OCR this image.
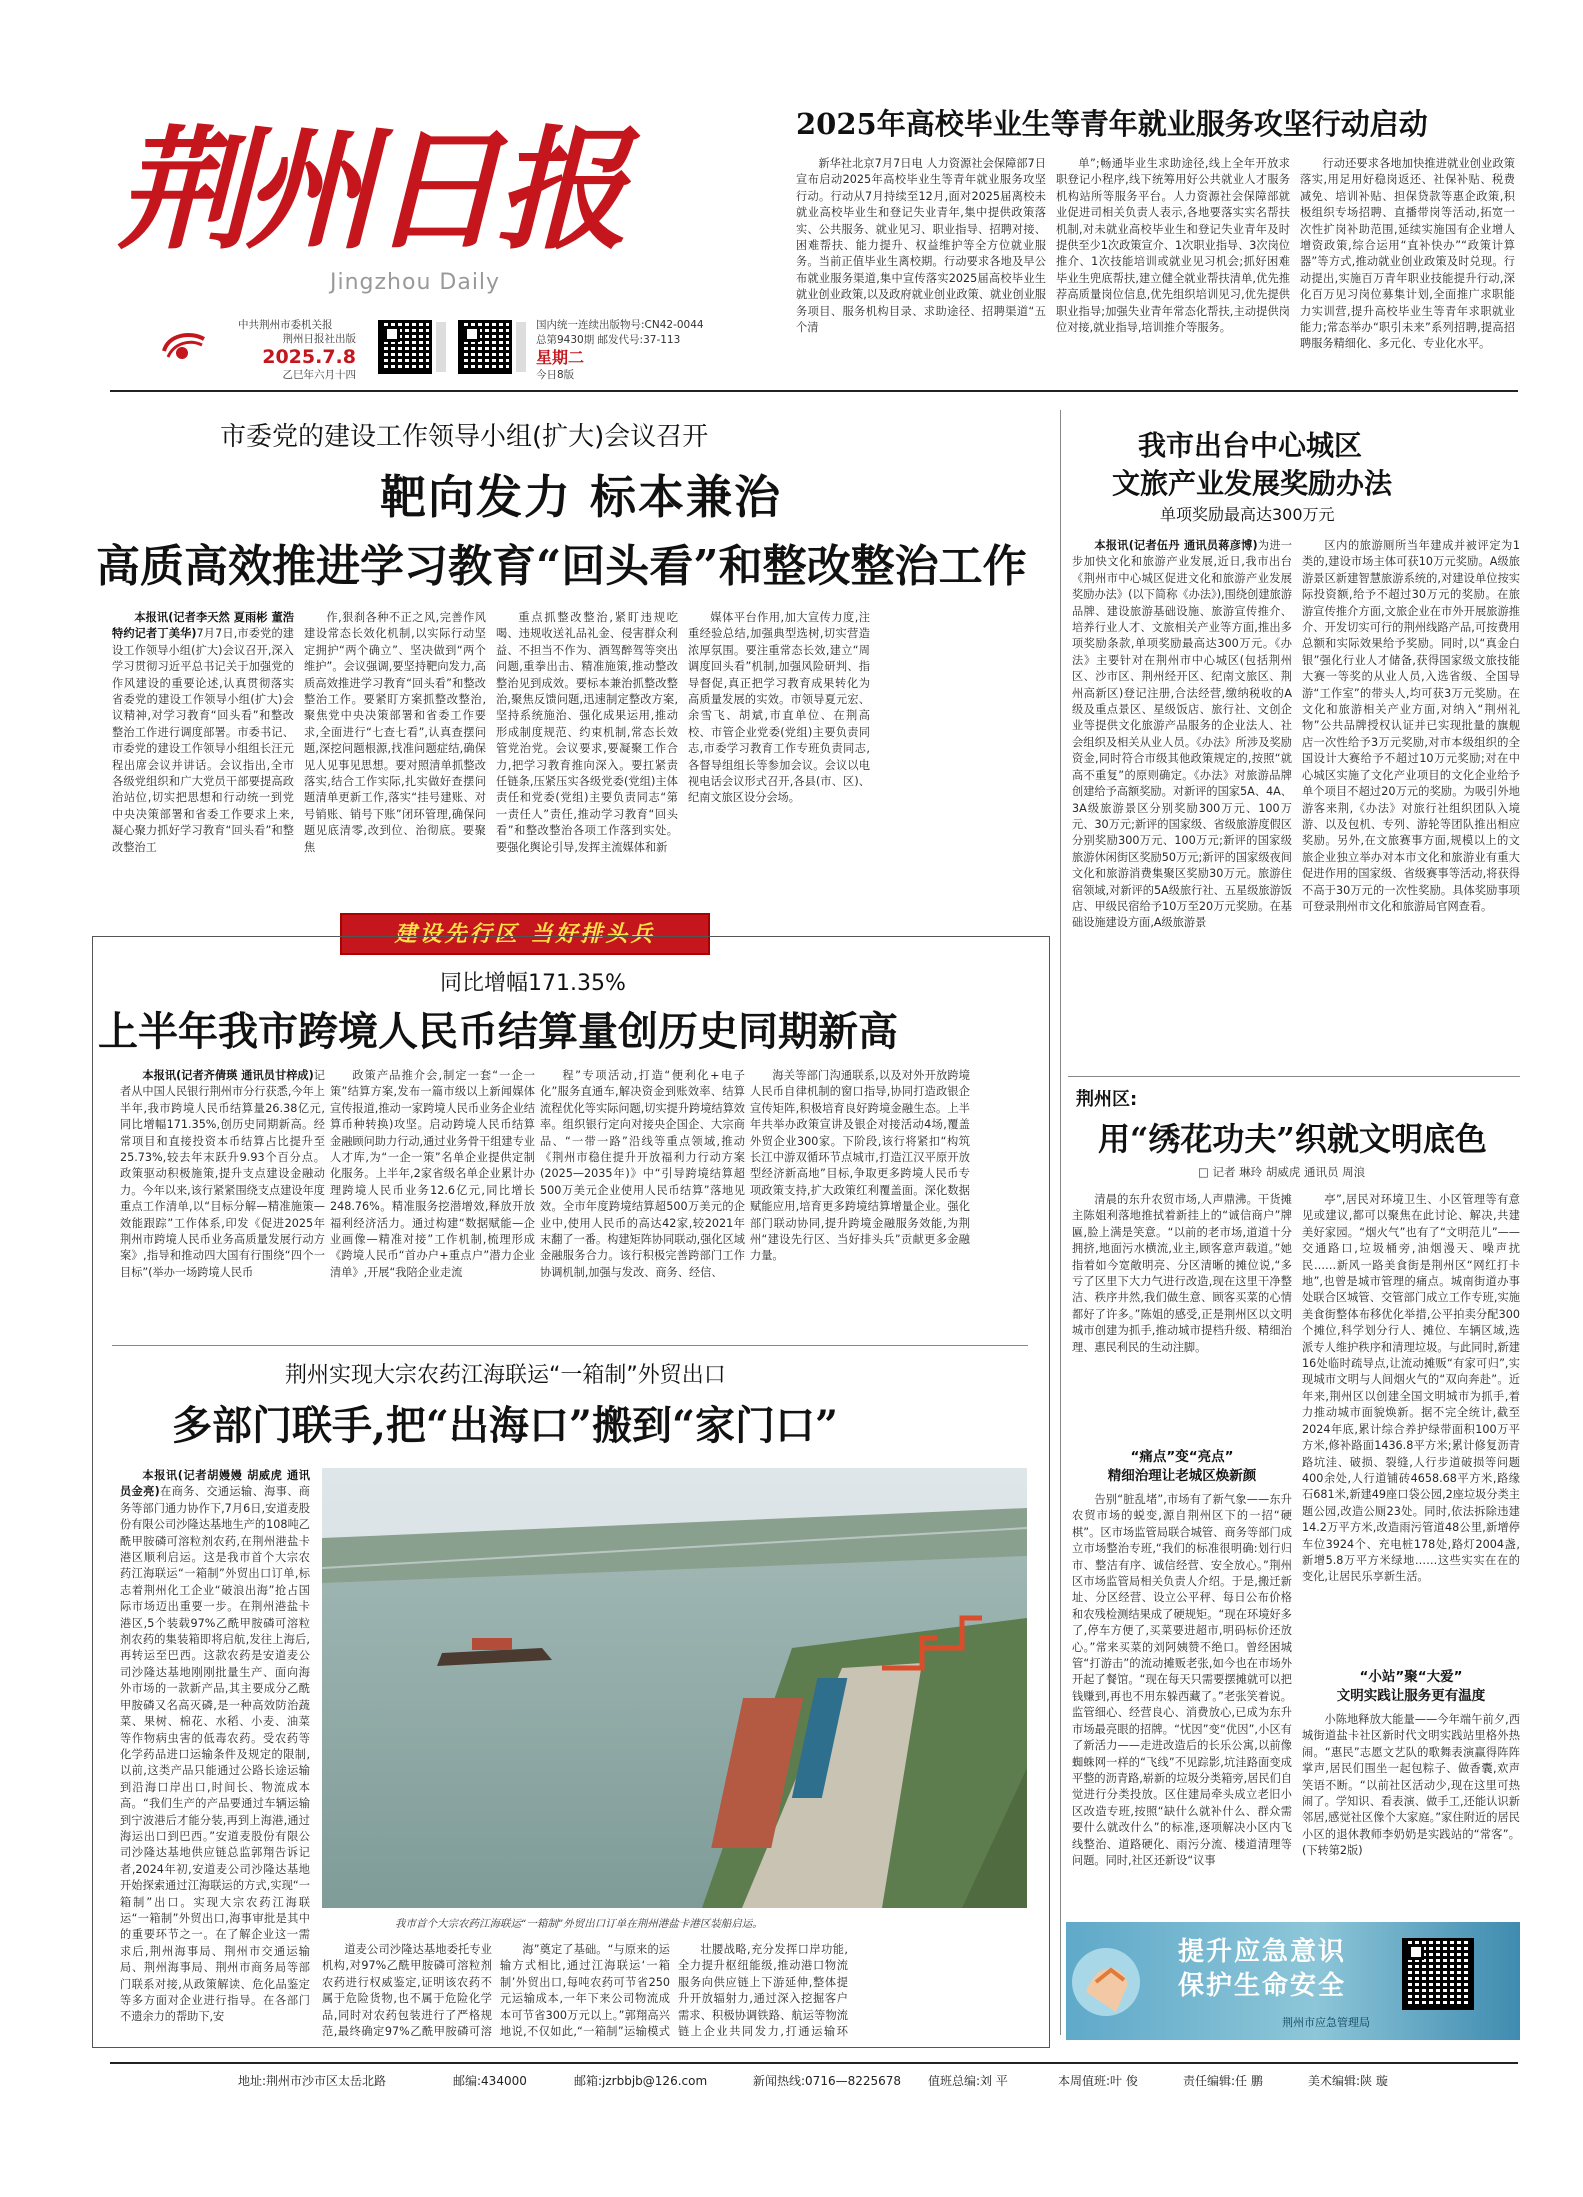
荆州日报
Jingzhou Daily
中共荆州市委机关报
荆州日报社出版
2025.7.8
乙巳年六月十四
国内统一连续出版物号:CN42-0044
总第9430期 邮发代号:37-113
星期二
今日8版
2025年高校毕业生等青年就业服务攻坚行动启动

新华社北京7月7日电 人力资源社会保障部7日宣布启动2025年高校毕业生等青年就业服务攻坚行动。行动从7月持续至12月,面对2025届离校未就业高校毕业生和登记失业青年,集中提供政策落实、公共服务、就业见习、职业指导、招聘对接、困难帮扶、能力提升、权益维护等全方位就业服务。当前正值毕业生离校期。行动要求各地及早公布就业服务渠道,集中宣传落实2025届高校毕业生就业创业政策,以及政府就业创业政策、就业创业服务项目、服务机构目录、求助途径、招聘渠道“五个清

单”;畅通毕业生求助途径,线上全年开放求职登记小程序,线下统筹用好公共就业人才服务机构站所等服务平台。人力资源社会保障部就业促进司相关负责人表示,各地要落实实名帮扶机制,对未就业高校毕业生和登记失业青年及时提供至少1次政策宣介、1次职业指导、3次岗位推介、1次技能培训或就业见习机会;抓好困难毕业生兜底帮扶,建立健全就业帮扶清单,优先推荐高质量岗位信息,优先组织培训见习,优先提供职业指导;加强失业青年常态化帮扶,主动提供岗位对接,就业指导,培训推介等服务。

行动还要求各地加快推进就业创业政策落实,用足用好稳岗返还、社保补贴、税费减免、培训补贴、担保贷款等惠企政策,积极组织专场招聘、直播带岗等活动,拓宽一次性扩岗补助范围,延续实施国有企业增人增资政策,综合运用“直补快办”“政策计算器”等方式,推动就业创业政策及时兑现。行动提出,实施百万青年职业技能提升行动,深化百万见习岗位募集计划,全面推广求职能力实训营,提升高校毕业生等青年求职就业能力;常态举办“职引未来”系列招聘,提高招聘服务精细化、多元化、专业化水平。

市委党的建设工作领导小组(扩大)会议召开
靶向发力 标本兼治
高质高效推进学习教育“回头看”和整改整治工作

本报讯(记者李天然 夏雨彬 董浩 特约记者丁美华)7月7日,市委党的建设工作领导小组(扩大)会议召开,深入学习贯彻习近平总书记关于加强党的作风建设的重要论述,认真贯彻落实省委党的建设工作领导小组(扩大)会议精神,对学习教育“回头看”和整改整治工作进行调度部署。市委书记、市委党的建设工作领导小组组长汪元程出席会议并讲话。会议指出,全市各级党组织和广大党员干部要提高政治站位,切实把思想和行动统一到党中央决策部署和省委工作要求上来,凝心聚力抓好学习教育“回头看”和整改整治工

作,狠刹各种不正之风,完善作风建设常态长效化机制,以实际行动坚定拥护“两个确立”、坚决做到“两个维护”。会议强调,要坚持靶向发力,高质高效推进学习教育“回头看”和整改整治工作。要紧盯方案抓整改整治,聚焦党中央决策部署和省委工作要求,全面进行“七查七看”,认真查摆问题,深挖问题根源,找准问题症结,确保见人见事见思想。要对照清单抓整改落实,结合工作实际,扎实做好查摆问题清单更新工作,落实“挂号建账、对号销账、销号下账”闭环管理,确保问题见底清零,改到位、治彻底。要聚焦

重点抓整改整治,紧盯违规吃喝、违规收送礼品礼金、侵害群众利益、不担当不作为、酒驾醉驾等突出问题,重拳出击、精准施策,推动整改整治见到成效。要标本兼治抓整改整治,聚焦反馈问题,迅速制定整改方案,坚持系统施治、强化成果运用,推动形成制度规范、约束机制,常态长效管党治党。会议要求,要凝聚工作合力,把学习教育推向深入。要扛紧责任链条,压紧压实各级党委(党组)主体责任和党委(党组)主要负责同志“第一责任人”责任,推动学习教育“回头看”和整改整治各项工作落到实处。要强化舆论引导,发挥主流媒体和新

媒体平台作用,加大宣传力度,注重经验总结,加强典型选树,切实营造浓厚氛围。要注重常态长效,建立“周调度回头看”机制,加强风险研判、指导督促,真正把学习教育成果转化为高质量发展的实效。市领导夏元宏、余雪飞、胡斌,市直单位、在荆高校、市管企业党委(党组)主要负责同志,市委学习教育工作专班负责同志,各督导组组长等参加会议。会议以电视电话会议形式召开,各县(市、区)、纪南文旅区设分会场。

我市出台中心城区
文旅产业发展奖励办法
单项奖励最高达300万元

本报讯(记者伍丹 通讯员蒋彦博)为进一步加快文化和旅游产业发展,近日,我市出台《荆州市中心城区促进文化和旅游产业发展奖励办法》(以下简称《办法》),围绕创建旅游品牌、建设旅游基础设施、旅游宣传推介、培养行业人才、文旅相关产业等方面,推出多项奖励条款,单项奖励最高达300万元。《办法》主要针对在荆州市中心城区(包括荆州区、沙市区、荆州经开区、纪南文旅区、荆州高新区)登记注册,合法经营,缴纳税收的A级及重点景区、星级饭店、旅行社、文创企业等提供文化旅游产品服务的企业法人、社会组织及相关从业人员。《办法》所涉及奖励资金,同时符合市级其他政策规定的,按照“就高不重复”的原则确定。《办法》对旅游品牌创建给予高额奖励。对新评的国家5A、4A、3A级旅游景区分别奖励300万元、100万元、30万元;新评的国家级、省级旅游度假区分别奖励300万元、100万元;新评的国家级旅游休闲街区奖励50万元;新评的国家级夜间文化和旅游消费集聚区奖励30万元。旅游住宿领域,对新评的5A级旅行社、五星级旅游饭店、甲级民宿给予10万至20万元奖励。在基础设施建设方面,A级旅游景

区内的旅游厕所当年建成并被评定为1类的,建设市场主体可获10万元奖励。A级旅游景区新建智慧旅游系统的,对建设单位按实际投资额,给予不超过30万元的奖励。在旅游宣传推介方面,文旅企业在市外开展旅游推介、开发切实可行的荆州线路产品,可按费用总额和实际效果给予奖励。同时,以“真金白银”强化行业人才储备,获得国家级文旅技能大赛一等奖的从业人员,入选省级、全国导游“工作室”的带头人,均可获3万元奖励。在文化和旅游相关产业方面,对纳入“荆州礼物”公共品牌授权认证并已实现批量的旗舰店一次性给予3万元奖励,对市本级组织的全国设计大赛给予不超过10万元奖励;对在中心城区实施了文化产业项目的文化企业给予单个项目不超过20万元的奖励。为吸引外地游客来荆,《办法》对旅行社组织团队入境游、以及包机、专列、游轮等团队推出相应奖励。另外,在文旅赛事方面,规模以上的文旅企业独立举办对本市文化和旅游业有重大促进作用的国家级、省级赛事等活动,将获得不高于30万元的一次性奖励。具体奖励事项可登录荆州市文化和旅游局官网查看。

建设先行区 当好排头兵
同比增幅171.35%
上半年我市跨境人民币结算量创历史同期新高

本报讯(记者齐倩瑛 通讯员甘梓成)记者从中国人民银行荆州市分行获悉,今年上半年,我市跨境人民币结算量26.38亿元,同比增幅171.35%,创历史同期新高。经常项目和直接投资本币结算占比提升至25.73%,较去年末跃升9.93个百分点。政策驱动积极施策,提升支点建设金融动力。今年以来,该行紧紧围绕支点建设年度重点工作清单,以“目标分解—精准施策—效能跟踪”工作体系,印发《促进2025年荆州市跨境人民币业务高质量发展行动方案》,指导和推动四大国有行围绕“四个一目标”(举办一场跨境人民币

政策产品推介会,制定一套“一企一策”结算方案,发布一篇市级以上新闻媒体宣传报道,推动一家跨境人民币业务企业结算币种转换)攻坚。启动跨境人民币结算金融顾问助力行动,通过业务骨干组建专业人才库,为“一企一策”名单企业提供定制化服务。上半年,2家省级名单企业累计办理跨境人民币业务12.6亿元,同比增长248.76%。精准服务挖潜增效,释放开放福利经济活力。通过构建“数据赋能—企业画像—精准对接”工作机制,梳理形成《跨境人民币“首办户+重点户”潜力企业清单》,开展“我陪企业走流

程”专项活动,打造“便利化+电子化”服务直通车,解决资金到账效率、结算流程优化等实际问题,切实提升跨境结算效率。组织银行定向对接央企国企、大宗商品、“一带一路”沿线等重点领域,推动《荆州市稳住提升开放福利力行动方案(2025—2035年)》中“引导跨境结算超500万美元企业使用人民币结算”落地见效。全市年度跨境结算超500万美元的企业中,使用人民币的高达42家,较2021年末翻了一番。构建矩阵协同联动,强化区域金融服务合力。该行积极完善跨部门工作协调机制,加强与发改、商务、经信、

海关等部门沟通联系,以及对外开放跨境人民币自律机制的窗口指导,协同打造政银企宣传矩阵,积极培育良好跨境金融生态。上半年共举办政策宣讲及银企对接活动4场,覆盖外贸企业300家。下阶段,该行将紧扣“构筑长江中游双循环节点城市,打造江汉平原开放型经济新高地”目标,争取更多跨境人民币专项政策支持,扩大政策红利覆盖面。深化数据赋能应用,培育更多跨境结算增量企业。强化部门联动协同,提升跨境金融服务效能,为荆州“建设先行区、当好排头兵”贡献更多金融力量。

荆州实现大宗农药江海联运“一箱制”外贸出口
多部门联手,把“出海口”搬到“家门口”

本报讯(记者胡嫚嫚 胡威虎 通讯员金亮)在商务、交通运输、海事、商务等部门通力协作下,7月6日,安道麦股份有限公司沙隆达基地生产的108吨乙酰甲胺磷可溶粒剂农药,在荆州港盐卡港区顺利启运。这是我市首个大宗农药江海联运“一箱制”外贸出口订单,标志着荆州化工企业“破浪出海”抢占国际市场迈出重要一步。在荆州港盐卡港区,5个装载97%乙酰甲胺磷可溶粒剂农药的集装箱即将启航,发往上海后,再转运至巴西。这款农药是安道麦公司沙隆达基地刚刚批量生产、面向海外市场的一款新产品,其主要成分乙酰甲胺磷又名高灭磷,是一种高效防治蔬菜、果树、棉花、水稻、小麦、油菜等作物病虫害的低毒农药。受农药等化学药品进口运输条件及规定的限制,以前,这类产品只能通过公路长途运输到沿海口岸出口,时间长、物流成本高。“我们生产的产品要通过车辆运输到宁波港后才能分装,再到上海港,通过海运出口到巴西。”安道麦股份有限公司沙隆达基地供应链总监郭翔告诉记者,2024年初,安道麦公司沙隆达基地开始探索通过江海联运的方式,实现“一箱制”出口。实现大宗农药江海联运“一箱制”外贸出口,海事审批是其中的重要环节之一。在了解企业这一需求后,荆州海事局、荆州市交通运输局、荆州海事局、荆州市商务局等部门联系对接,从政策解读、危化品鉴定等多方面对企业进行指导。在各部门不遗余力的帮助下,安

我市首个大宗农药江海联运“一箱制”外贸出口订单在荆州港盐卡港区装船启运。

道麦公司沙隆达基地委托专业机构,对97%乙酰甲胺磷可溶粒剂农药进行权威鉴定,证明该农药不属于危险货物,也不属于危险化学品,同时对农药包装进行了严格规范,最终确定97%乙酰甲胺磷可溶

海”奠定了基础。“与原来的运输方式相比,通过江海联运‘一箱制’外贸出口,每吨农药可节省250元运输成本,一年下来公司物流成本可节省300万元以上。”郭翔高兴地说,不仅如此,“一箱制”运输模式

壮腰战略,充分发挥口岸功能,全力提升枢纽能级,推动港口物流服务向供应链上下游延伸,整体提升开放辐射力,通过深入挖掘客户需求、积极协调铁路、航运等物流链上企业共同发力,打通运输环

荆州区:
用“绣花功夫”织就文明底色
□ 记者 琳玲 胡威虎 通讯员 周浪

清晨的东升农贸市场,人声鼎沸。干货摊主陈姐利落地推拭着新挂上的“诚信商户”牌匾,脸上满是笑意。“以前的老市场,道道十分拥挤,地面污水横流,业主,顾客意声载道。”她指着如今宽敞明亮、分区清晰的摊位说,“多亏了区里下大力气进行改造,现在这里干净整洁、秩序井然,我们做生意、顾客买菜的心情都好了许多。”陈姐的感受,正是荆州区以文明城市创建为抓手,推动城市提档升级、精细治理、惠民利民的生动注脚。

“痛点”变“亮点”
精细治理让老城区焕新颜

告别“脏乱堵”,市场有了新气象——东升农贸市场的蜕变,源自荆州区下的一招“硬棋”。区市场监管局联合城管、商务等部门成立市场整治专班,“我们的标准很明确:划行归市、整洁有序、诚信经营、安全放心。”荆州区市场监管局相关负责人介绍。于是,搬迁新址、分区经营、设立公平秤、每日公布价格和农残检测结果成了硬规矩。“现在环境好多了,停车方便了,买菜要进超市,明码标价还放心。”常来买菜的刘阿姨赞不绝口。曾经困城管“打游击”的流动摊贩老张,如今也在市场外开起了餐馆。“现在每天只需要摆摊就可以把钱赚到,再也不用东躲西藏了。”老张笑着说。监管细心、经营良心、消费放心,已成为东升市场最亮眼的招牌。“忧因”变“优因”,小区有了新活力——走进改造后的长乐公寓,以前像蜘蛛网一样的“飞线”不见踪影,坑洼路面变成平整的沥青路,崭新的垃圾分类箱旁,居民们自觉进行分类投放。区住建局牵头成立老旧小区改造专班,按照“缺什么就补什么、群众需要什么就改什么”的标准,逐项解决小区内飞线整治、道路硬化、雨污分流、楼道清理等问题。同时,社区还新设“议事

亭”,居民对环境卫生、小区管理等有意见或建议,都可以聚焦在此讨论、解决,共建美好家园。“烟火气”也有了“文明范儿”——交通路口,垃圾桶旁,油烟漫天、噪声扰民……新风一路美食街是荆州区“网红打卡地”,也曾是城市管理的痛点。城南街道办事处联合区城管、交管部门成立工作专班,实施美食街整体布移优化举措,公平拍卖分配300个摊位,科学划分行人、摊位、车辆区域,选派专人维护秩序和清理垃圾。与此同时,新建16处临时疏导点,让流动摊贩“有家可归”,实现城市文明与人间烟火气的“双向奔赴”。近年来,荆州区以创建全国文明城市为抓手,着力推动城市面貌焕新。据不完全统计,截至2024年底,累计综合养护绿带面积100万平方米,修补路面1436.8平方米;累计修复沥青路坑洼、破损、裂缝,人行步道破损等问题400余处,人行道铺砖4658.68平方米,路缘石681米,新建49座口袋公园,2座垃圾分类主题公园,改造公厕23处。同时,依法拆除违建14.2万平方米,改造雨污管道48公里,新增停车位3924个、充电桩178处,路灯2004盏,新增5.8万平方米绿地……这些实实在在的变化,让居民乐享新生活。

“小站”聚“大爱”
文明实践让服务更有温度

小陈地释放大能量——今年端午前夕,西城街道盐卡社区新时代文明实践站里格外热闹。“惠民”志愿文艺队的歌舞表演赢得阵阵掌声,居民们围坐一起包粽子、做香囊,欢声笑语不断。“以前社区活动少,现在这里可热闹了。学知识、看表演、做手工,还能认识新邻居,感觉社区像个大家庭。”家住附近的居民小区的退休教师李奶奶是实践站的“常客”。(下转第2版)

提升应急意识
保护生命安全
荆州市应急管理局
地址:荆州市沙市区太岳北路	邮编:434000	邮箱:jzrbbjb@126.com	新闻热线:0716—8225678 值班总编:刘 平	本周值班:叶 俊	责任编辑:任 鹏	美术编辑:陕 璇
